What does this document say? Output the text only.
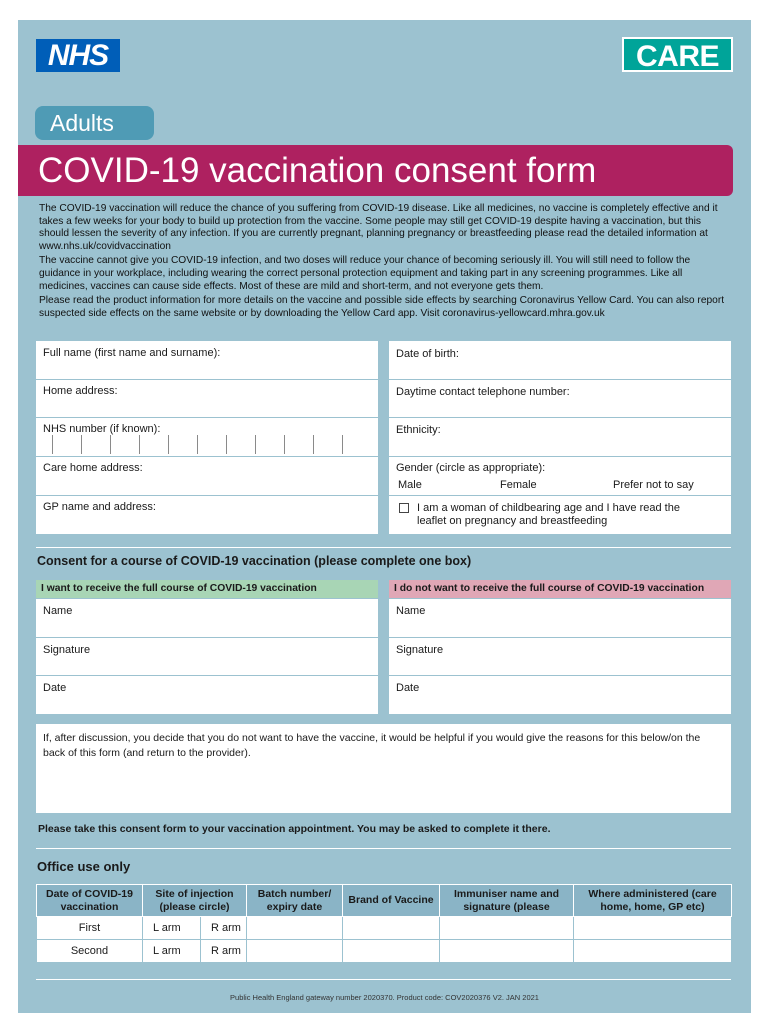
NHS	CARE
Adults
COVID-19 vaccination consent form

The COVID-19 vaccination will reduce the chance of you suffering from COVID-19 disease. Like all medicines, no vaccine is completely effective and it takes a few weeks for your body to build up protection from the vaccine. Some people may still get COVID-19 despite having a vaccination, but this should lessen the severity of any infection. If you are currently pregnant, planning pregnancy or breastfeeding please read the detailed information at www.nhs.uk/covidvaccination

The vaccine cannot give you COVID-19 infection, and two doses will reduce your chance of becoming seriously ill. You will still need to follow the guidance in your workplace, including wearing the correct personal protection equipment and taking part in any screening programmes. Like all medicines, vaccines can cause side effects. Most of these are mild and short-term, and not everyone gets them.

Please read the product information for more details on the vaccine and possible side effects by searching Coronavirus Yellow Card. You can also report suspected side effects on the same website or by downloading the Yellow Card app. Visit coronavirus-yellowcard.mhra.gov.uk

Full name (first name and surname):
Home address:
NHS number (if known):
Care home address:
GP name and address:
Date of birth:
Daytime contact telephone number:
Ethnicity:
Gender (circle as appropriate):
Male	Female	Prefer not to say
I am a woman of childbearing age and I have read the
leaflet on pregnancy and breastfeeding
Consent for a course of COVID-19 vaccination (please complete one box)
I want to receive the full course of COVID-19 vaccination	I do not want to receive the full course of COVID-19 vaccination
Name
Signature
Date
Name
Signature
Date
If, after discussion, you decide that you do not want to have the vaccine, it would be helpful if you would give the reasons for this below/on the back of this form (and return to the provider).
Please take this consent form to your vaccination appointment. You may be asked to complete it there.
Office use only
Date of COVID-19 vaccination	Site of injection (please circle)		Batch number/ expiry date	Brand of Vaccine	Immuniser name and signature (please	Where administered (care home, home, GP etc)
First	L arm	R arm				
Second	L arm	R arm				
Public Health England gateway number 2020370. Product code: COV2020376 V2. JAN 2021
